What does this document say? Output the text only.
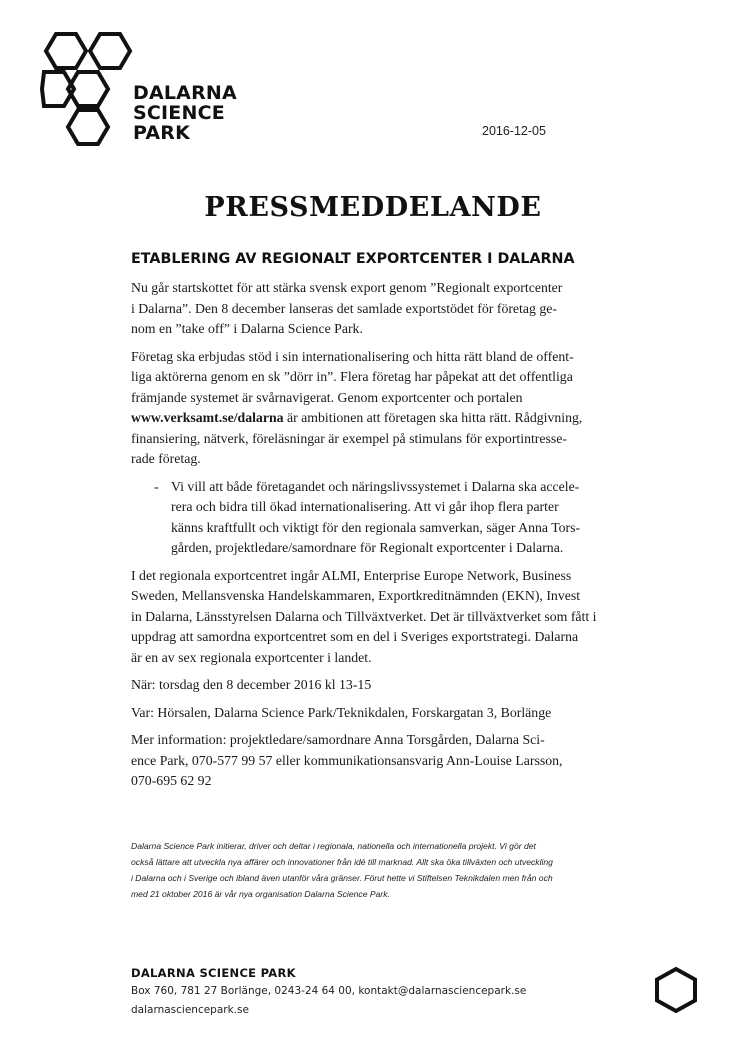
DALARNA
SCIENCE
PARK	2016-12-05
PRESSMEDDELANDE
ETABLERING AV REGIONALT EXPORTCENTER I DALARNA
Nu går startskottet för att stärka svensk export genom ”Regionalt exportcenter
i Dalarna”. Den 8 december lanseras det samlade exportstödet för företag ge-
nom en ”take off” i Dalarna Science Park.
Företag ska erbjudas stöd i sin internationalisering och hitta rätt bland de offent-
liga aktörerna genom en sk ”dörr in”. Flera företag har påpekat att det offentliga
främjande systemet är svårnavigerat. Genom exportcenter och portalen
www.verksamt.se/dalarna är ambitionen att företagen ska hitta rätt. Rådgivning,
finansiering, nätverk, föreläsningar är exempel på stimulans för exportintresse-
rade företag.
- Vi vill att både företagandet och näringslivssystemet i Dalarna ska accele-
rera och bidra till ökad internationalisering. Att vi går ihop flera parter
känns kraftfullt och viktigt för den regionala samverkan, säger Anna Tors-
gården, projektledare/samordnare för Regionalt exportcenter i Dalarna.
I det regionala exportcentret ingår ALMI, Enterprise Europe Network, Business
Sweden, Mellansvenska Handelskammaren, Exportkreditnämnden (EKN), Invest
in Dalarna, Länsstyrelsen Dalarna och Tillväxtverket. Det är tillväxtverket som fått i
uppdrag att samordna exportcentret som en del i Sveriges exportstrategi. Dalarna
är en av sex regionala exportcenter i landet.
När: torsdag den 8 december 2016 kl 13-15
Var: Hörsalen, Dalarna Science Park/Teknikdalen, Forskargatan 3, Borlänge
Mer information: projektledare/samordnare Anna Torsgården, Dalarna Sci-
ence Park, 070-577 99 57 eller kommunikationsansvarig Ann-Louise Larsson,
070-695 62 92
Dalarna Science Park initierar, driver och deltar i regionala, nationella och internationella projekt. Vi gör det
också lättare att utveckla nya affärer och innovationer från idé till marknad. Allt ska öka tillväxten och utveckling
i Dalarna och i Sverige och ibland även utanför våra gränser. Förut hette vi Stiftelsen Teknikdalen men från och
med 21 oktober 2016 är vår nya organisation Dalarna Science Park.
DALARNA SCIENCE PARK
Box 760, 781 27 Borlänge, 0243-24 64 00, kontakt@dalarnasciencepark.se
dalarnasciencepark.se
